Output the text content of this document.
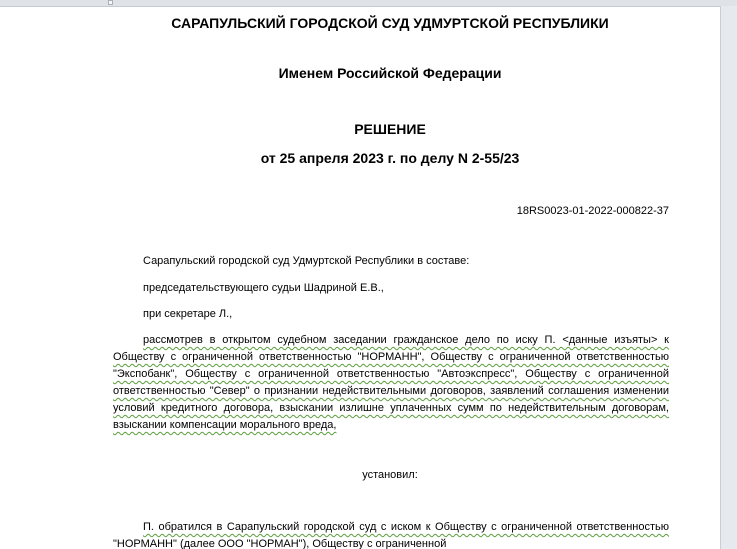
САРАПУЛЬСКИЙ ГОРОДСКОЙ СУД УДМУРТСКОЙ РЕСПУБЛИКИ
Именем Российской Федерации
РЕШЕНИЕ
от 25 апреля 2023 г. по делу N 2-55/23
18RS0023-01-2022-000822-37
Сарапульский городской суд Удмуртской Республики в составе:
председательствующего судьи Шадриной Е.В.,
при секретаре Л.,
рассмотрев в открытом судебном заседании гражданское дело по иску П. <данные изъяты> к Обществу с ограниченной ответственностью "НОРМАНН", Обществу с ограниченной ответственностью "Экспобанк", Обществу с ограниченной ответственностью "Автоэкспресс", Обществу с ограниченной ответственностью "Север" о признании недействительными договоров, заявлений соглашения изменении условий кредитного договора, взыскании излишне уплаченных сумм по недействительным договорам, взыскании компенсации морального вреда,
установил:
П. обратился в Сарапульский городской суд с иском к Обществу с ограниченной ответственностью "НОРМАНН" (далее ООО "НОРМАН"), Обществу с ограниченной
